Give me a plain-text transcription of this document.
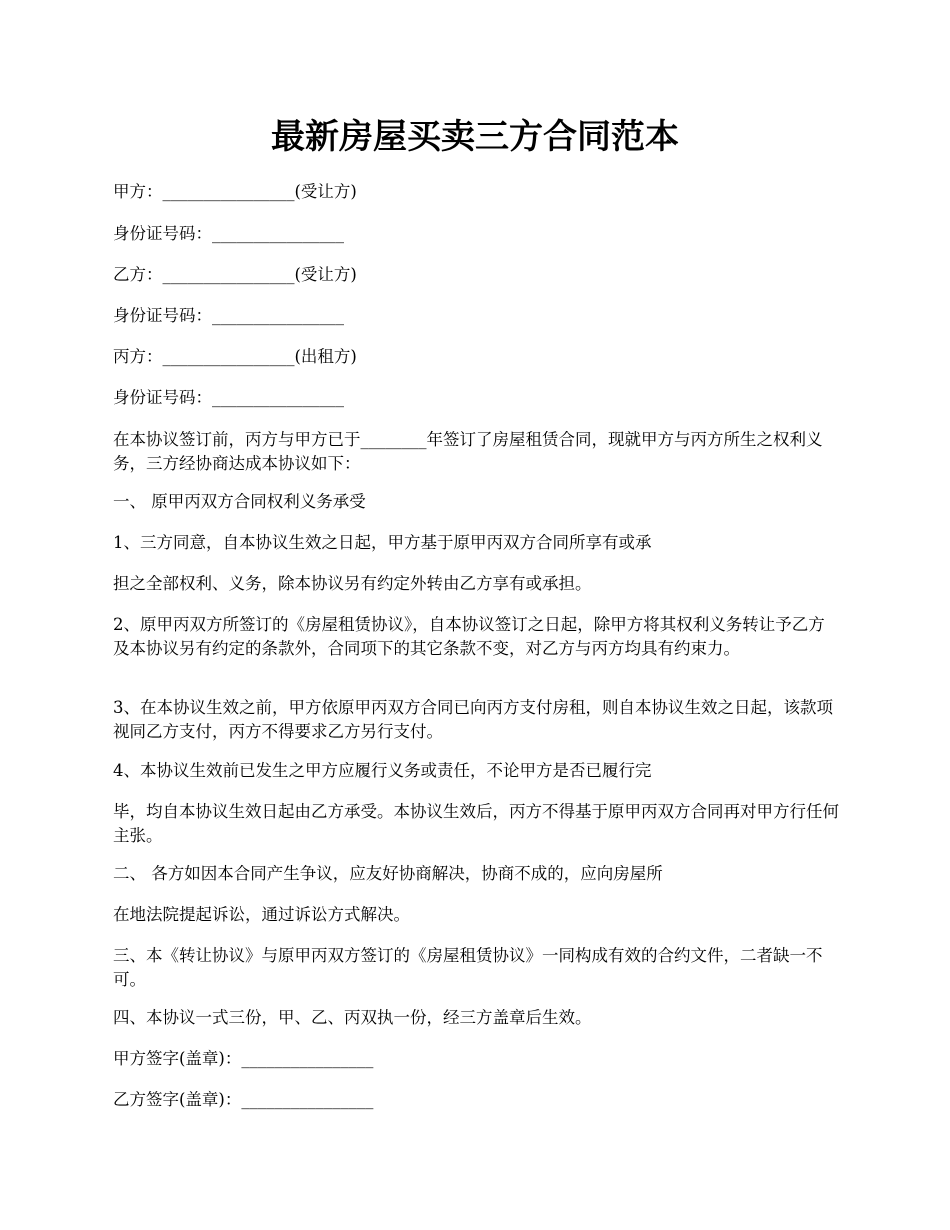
最新房屋买卖三方合同范本

甲方：________________(受让方)

身份证号码：________________

乙方：________________(受让方)

身份证号码：________________

丙方：________________(出租方)

身份证号码：________________

在本协议签订前，丙方与甲方已于________年签订了房屋租赁合同，现就甲方与丙方所生之权利义务，三方经协商达成本协议如下：

一、 原甲丙双方合同权利义务承受

1、三方同意，自本协议生效之日起，甲方基于原甲丙双方合同所享有或承

担之全部权利、义务，除本协议另有约定外转由乙方享有或承担。

2、原甲丙双方所签订的《房屋租赁协议》，自本协议签订之日起，除甲方将其权利义务转让予乙方及本协议另有约定的条款外，合同项下的其它条款不变，对乙方与丙方均具有约束力。

3、在本协议生效之前，甲方依原甲丙双方合同已向丙方支付房租，则自本协议生效之日起，该款项视同乙方支付，丙方不得要求乙方另行支付。

4、本协议生效前已发生之甲方应履行义务或责任，不论甲方是否已履行完

毕，均自本协议生效日起由乙方承受。本协议生效后，丙方不得基于原甲丙双方合同再对甲方行任何主张。

二、 各方如因本合同产生争议，应友好协商解决，协商不成的，应向房屋所

在地法院提起诉讼，通过诉讼方式解决。

三、本《转让协议》与原甲丙双方签订的《房屋租赁协议》一同构成有效的合约文件，二者缺一不可。

四、本协议一式三份，甲、乙、丙双执一份，经三方盖章后生效。

甲方签字(盖章)：________________

乙方签字(盖章)：________________
